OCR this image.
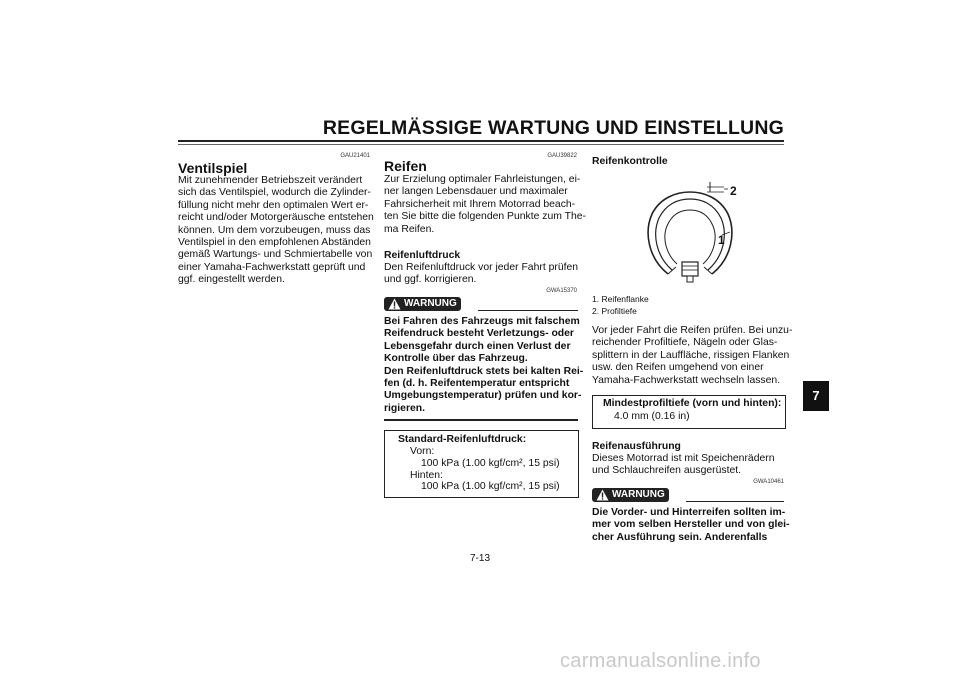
REGELMÄSSIGE WARTUNG UND EINSTELLUNG
7
GAU21401
Ventilspiel
Mit zunehmender Betriebszeit verändert
sich das Ventilspiel, wodurch die Zylinder-
füllung nicht mehr den optimalen Wert er-
reicht und/oder Motorgeräusche entstehen
können. Um dem vorzubeugen, muss das
Ventilspiel in den empfohlenen Abständen
gemäß Wartungs- und Schmiertabelle von
einer Yamaha-Fachwerkstatt geprüft und
ggf. eingestellt werden.
GAU39822
Reifen
Zur Erzielung optimaler Fahrleistungen, ei-
ner langen Lebensdauer und maximaler
Fahrsicherheit mit Ihrem Motorrad beach-
ten Sie bitte die folgenden Punkte zum The-
ma Reifen.
Reifenluftdruck
Den Reifenluftdruck vor jeder Fahrt prüfen
und ggf. korrigieren.
WARNUNG
GWA15370
Bei Fahren des Fahrzeugs mit falschem
Reifendruck besteht Verletzungs- oder
Lebensgefahr durch einen Verlust der
Kontrolle über das Fahrzeug.
Den Reifenluftdruck stets bei kalten Rei-
fen (d. h. Reifentemperatur entspricht
Umgebungstemperatur) prüfen und kor-
rigieren.
Standard-Reifenluftdruck:
Vorn:
100 kPa (1.00 kgf/cm², 15 psi)
Hinten:
100 kPa (1.00 kgf/cm², 15 psi)
Reifenkontrolle
2
1
1. Reifenflanke
2. Profiltiefe
Vor jeder Fahrt die Reifen prüfen. Bei unzu-
reichender Profiltiefe, Nägeln oder Glas-
splittern in der Lauffläche, rissigen Flanken
usw. den Reifen umgehend von einer
Yamaha-Fachwerkstatt wechseln lassen.
Mindestprofiltiefe (vorn und hinten):
4.0 mm (0.16 in)
Reifenausführung
Dieses Motorrad ist mit Speichenrädern
und Schlauchreifen ausgerüstet.
WARNUNG
GWA10461
Die Vorder- und Hinterreifen sollten im-
mer vom selben Hersteller und von glei-
cher Ausführung sein. Anderenfalls
7-13
carmanualsonline.info
